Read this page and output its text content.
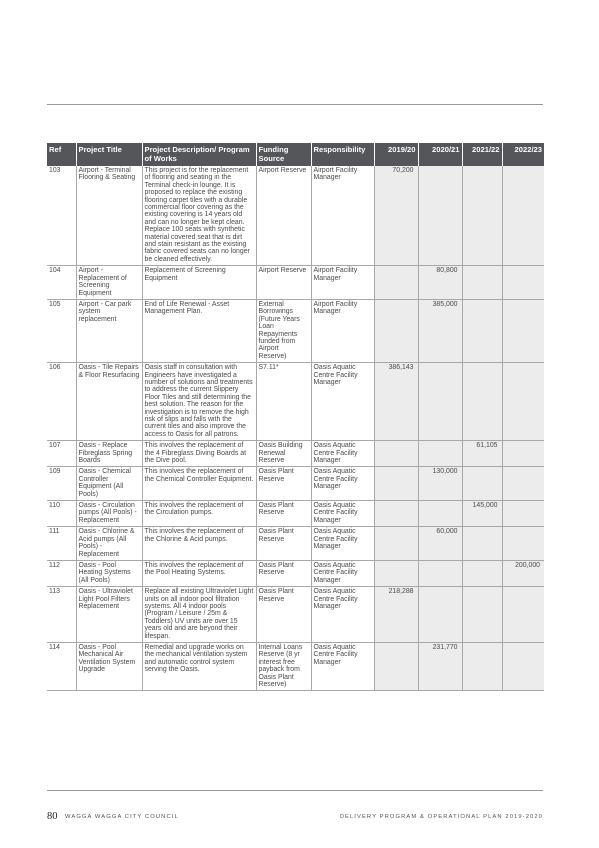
Ref	Project Title	Project Description/ Program of Works	Funding Source	Responsibility	2019/20	2020/21	2021/22	2022/23
103	Airport - Terminal Flooring & Seating	This project is for the replacement of flooring and seating in the Terminal check-in lounge. It is proposed to replace the existing flooring carpet tiles with a durable commercial floor covering as the existing covering is 14 years old and can no longer be kept clean. Replace 100 seats with synthetic material covered seat that is dirt and stain resistant as the existing fabric covered seats can no longer be cleaned effectively.	Airport Reserve	Airport Facility Manager	70,200			
104	Airport - Replacement of Screening Equipment	Replacement of Screening Equipment	Airport Reserve	Airport Facility Manager		80,800		
105	Airport - Car park system replacement	End of Life Renewal - Asset Management Plan.	External Borrowings (Future Years Loan Repayments funded from Airport Reserve)	Airport Facility Manager		385,000		
106	Oasis - Tile Repairs & Floor Resurfacing	Oasis staff in consultation with Engineers have investigated a number of solutions and treatments to address the current Slippery Floor Tiles and still determining the best solution. The reason for the investigation is to remove the high risk of slips and falls with the current tiles and also improve the access to Oasis for all patrons.	S7.11*	Oasis Aquatic Centre Facility Manager	386,143			
107	Oasis - Replace Fibreglass Spring Boards	This involves the replacement of the 4 Fibreglass Diving Boards at the Dive pool.	Oasis Building Renewal Reserve	Oasis Aquatic Centre Facility Manager			61,105	
109	Oasis - Chemical Controller Equipment (All Pools)	This involves the replacement of the Chemical Controller Equipment.	Oasis Plant Reserve	Oasis Aquatic Centre Facility Manager		130,000		
110	Oasis - Circulation pumps (All Pools) - Replacement	This involves the replacement of the Circulation pumps.	Oasis Plant Reserve	Oasis Aquatic Centre Facility Manager			145,000	
111	Oasis - Chlorine & Acid pumps (All Pools) - Replacement	This involves the replacement of the Chlorine & Acid pumps.	Oasis Plant Reserve	Oasis Aquatic Centre Facility Manager		60,000		
112	Oasis - Pool Heating Systems (All Pools)	This involves the replacement of the Pool Heating Systems.	Oasis Plant Reserve	Oasis Aquatic Centre Facility Manager				200,000
113	Oasis - Ultraviolet Light Pool Filters Replacement	Replace all existing Ultraviolet Light units on all indoor pool filtration systems. All 4 indoor pools (Program / Leisure / 25m & Toddlers) UV units are over 15 years old and are beyond their lifespan.	Oasis Plant Reserve	Oasis Aquatic Centre Facility Manager	218,288			
114	Oasis - Pool Mechanical Air Ventilation System Upgrade	Remedial and upgrade works on the mechanical ventilation system and automatic control system serving the Oasis.	Internal Loans Reserve (8 yr interest free payback from Oasis Plant Reserve)	Oasis Aquatic Centre Facility Manager		231,770		
80 WAGGA WAGGA CITY COUNCIL	DELIVERY PROGRAM & OPERATIONAL PLAN 2019-2020
